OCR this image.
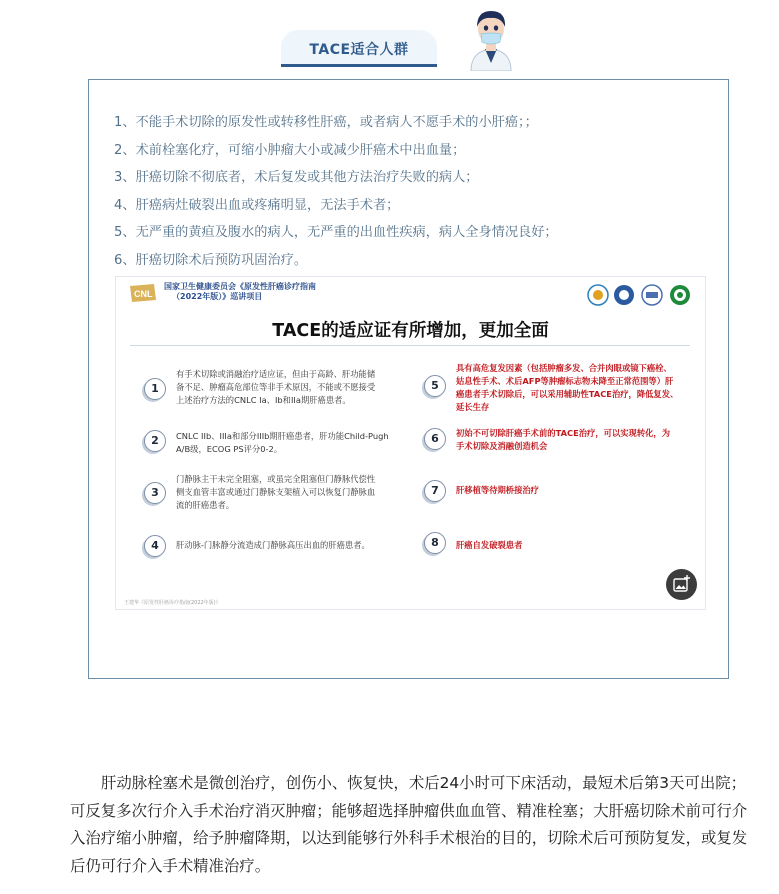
TACE适合人群
1、不能手术切除的原发性或转移性肝癌，或者病人不愿手术的小肝癌；；
2、术前栓塞化疗，可缩小肿瘤大小或减少肝癌术中出血量；
3、肝癌切除不彻底者，术后复发或其他方法治疗失败的病人；
4、肝癌病灶破裂出血或疼痛明显，无法手术者；
5、无严重的黄疸及腹水的病人，无严重的出血性疾病，病人全身情况良好；
6、肝癌切除术后预防巩固治疗。
CNL
国家卫生健康委员会《原发性肝癌诊疗指南
（2022年版）》巡讲项目
TACE的适应证有所增加，更加全面
1
有手术切除或消融治疗适应证，但由于高龄、肝功能储
备不足、肿瘤高危部位等非手术原因，不能或不愿接受
上述治疗方法的CNLC Ia、Ib和IIa期肝癌患者。
2	CNLC IIb、IIIa和部分IIIb期肝癌患者，肝功能Child-Pugh
A/B级，ECOG PS评分0-2。
3
门静脉主干未完全阻塞，或虽完全阻塞但门静脉代偿性
侧支血管丰富或通过门静脉支架植入可以恢复门静脉血
流的肝癌患者。
4	肝动脉-门脉静分流造成门静脉高压出血的肝癌患者。
5
具有高危复发因素（包括肿瘤多发、合并肉眼或镜下癌栓、
姑息性手术、术后AFP等肿瘤标志物未降至正常范围等）肝
癌患者手术切除后，可以采用辅助性TACE治疗，降低复发、
延长生存
6	初始不可切除肝癌手术前的TACE治疗，可以实现转化，为
手术切除及消融创造机会
7	肝移植等待期桥接治疗
8	肝癌自发破裂患者
王建华《原发性肝癌诊疗指南(2022年版)》

肝动脉栓塞术是微创治疗，创伤小、恢复快，术后24小时可下床活动，最短术后第3天可出院；可反复多次行介入手术治疗消灭肿瘤；能够超选择肿瘤供血血管、精准栓塞；大肝癌切除术前可行介入治疗缩小肿瘤，给予肿瘤降期，以达到能够行外科手术根治的目的，切除术后可预防复发，或复发后仍可行介入手术精准治疗。
